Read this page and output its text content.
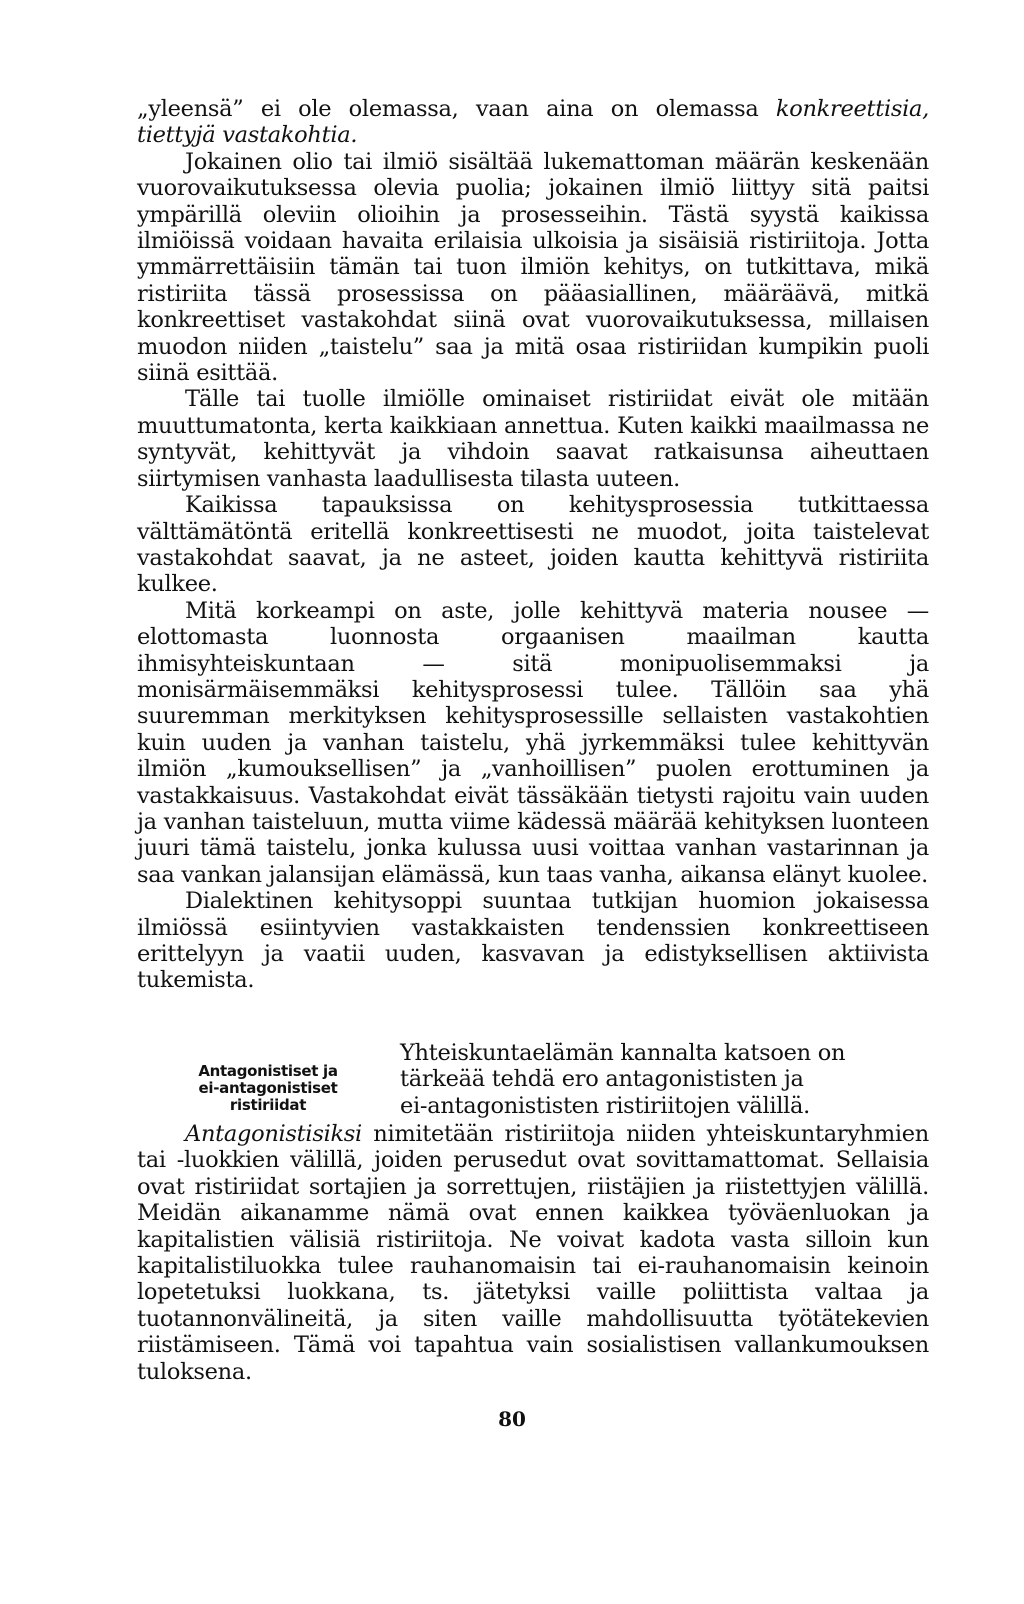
„yleensä” ei ole olemassa, vaan aina on olemassa konkreettisia, tiettyjä vastakohtia.

Jokainen olio tai ilmiö sisältää lukemattoman määrän keskenään vuorovaikutuksessa olevia puolia; jokainen ilmiö liittyy sitä paitsi ympärillä oleviin olioihin ja prosesseihin. Tästä syystä kaikissa ilmiöissä voidaan havaita erilaisia ulkoisia ja sisäisiä ristiriitoja. Jotta ymmärrettäisiin tämän tai tuon ilmiön kehitys, on tutkittava, mikä ristiriita tässä prosessissa on pääasiallinen, määräävä, mitkä konkreettiset vastakohdat siinä ovat vuorovaikutuksessa, millaisen muodon niiden „taistelu” saa ja mitä osaa ristiriidan kumpikin puoli siinä esittää.

Tälle tai tuolle ilmiölle ominaiset ristiriidat eivät ole mitään muuttumatonta, kerta kaikkiaan annettua. Kuten kaikki maailmassa ne syntyvät, kehittyvät ja vihdoin saavat ratkaisunsa aiheuttaen siirtymisen vanhasta laadullisesta tilasta uuteen.

Kaikissa tapauksissa on kehitysprosessia tutkittaessa välttämätöntä eritellä konkreettisesti ne muodot, joita taistelevat vastakohdat saavat, ja ne asteet, joiden kautta kehittyvä ristiriita kulkee.

Mitä korkeampi on aste, jolle kehittyvä materia nousee — elottomasta luonnosta orgaanisen maailman kautta ihmisyhteiskuntaan — sitä monipuolisemmaksi ja monisärmäisemmäksi kehitysprosessi tulee. Tällöin saa yhä suuremman merkityksen kehitysprosessille sellaisten vastakohtien kuin uuden ja vanhan taistelu, yhä jyrkemmäksi tulee kehittyvän ilmiön „kumouksellisen” ja „vanhoillisen” puolen erottuminen ja vastakkaisuus. Vastakohdat eivät tässäkään tietysti rajoitu vain uuden ja vanhan taisteluun, mutta viime kädessä määrää kehityksen luonteen juuri tämä taistelu, jonka kulussa uusi voittaa vanhan vastarinnan ja saa vankan jalansijan elämässä, kun taas vanha, aikansa elänyt kuolee.

Dialektinen kehitysoppi suuntaa tutkijan huomion jokaisessa ilmiössä esiintyvien vastakkaisten tendenssien konkreettiseen erittelyyn ja vaatii uuden, kasvavan ja edistyksellisen aktiivista tukemista.

Antagonistiset ja
ei-antagonistiset
ristiriidat
Yhteiskuntaelämän kannalta katsoen on
tärkeää tehdä ero antagonististen ja
ei-antagonististen ristiriitojen välillä.

Antagonistisiksi nimitetään ristiriitoja niiden yhteiskuntaryhmien tai -luokkien välillä, joiden perusedut ovat sovittamattomat. Sellaisia ovat ristiriidat sortajien ja sorrettujen, riistäjien ja riistettyjen välillä. Meidän aikanamme nämä ovat ennen kaikkea työväenluokan ja kapitalistien välisiä ristiriitoja. Ne voivat kadota vasta silloin kun kapitalistiluokka tulee rauhanomaisin tai ei-rauhanomaisin keinoin lopetetuksi luokkana, ts. jätetyksi vaille poliittista valtaa ja tuotannonvälineitä, ja siten vaille mahdollisuutta työtätekevien riistämiseen. Tämä voi tapahtua vain sosialistisen vallankumouksen tuloksena.

80
